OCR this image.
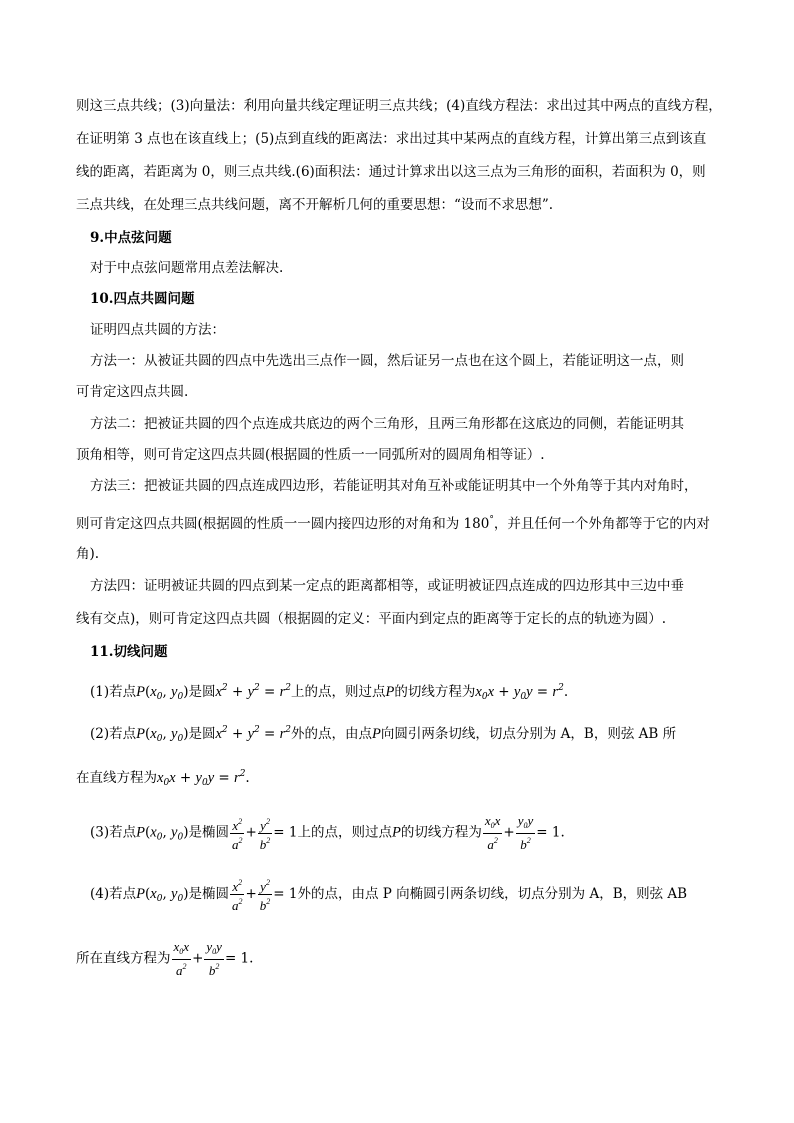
则这三点共线；(3)向量法：利用向量共线定理证明三点共线；(4)直线方程法：求出过其中两点的直线方程，
在证明第 3 点也在该直线上；(5)点到直线的距离法：求出过其中某两点的直线方程，计算出第三点到该直
线的距离，若距离为 0，则三点共线.(6)面积法：通过计算求出以这三点为三角形的面积，若面积为 0，则
三点共线，在处理三点共线问题，离不开解析几何的重要思想：“设而不求思想”.
9.中点弦问题
对于中点弦问题常用点差法解决.
10.四点共圆问题
证明四点共圆的方法：
方法一：从被证共圆的四点中先选出三点作一圆，然后证另一点也在这个圆上，若能证明这一点，则
可肯定这四点共圆.
方法二：把被证共圆的四个点连成共底边的两个三角形，且两三角形都在这底边的同侧，若能证明其
顶角相等，则可肯定这四点共圆(根据圆的性质一一同弧所对的圆周角相等证）.
方法三：把被证共圆的四点连成四边形，若能证明其对角互补或能证明其中一个外角等于其内对角时，
则可肯定这四点共圆(根据圆的性质一一圆内接四边形的对角和为 180°，并且任何一个外角都等于它的内对
角).
方法四：证明被证共圆的四点到某一定点的距离都相等，或证明被证四点连成的四边形其中三边中垂
线有交点)，则可肯定这四点共圆（根据圆的定义：平面内到定点的距离等于定长的点的轨迹为圆）.
11.切线问题
(1)若点$P(x_0$, $y_0$)是圆$x^2 + y^2 = r^2$上的点，则过点P的切线方程为$x_0x + y_0y = r^2$.
(2)若点$P(x_0$, $y_0$)是圆$x^2 + y^2 = r^2$外的点，由点P向圆引两条切线，切点分别为 A，B，则弦 AB 所
在直线方程为$x_0x + y_0y = r^2$.
(3)若点$P(x_0$, $y_0$)是椭圆 $\frac{x^2}{a^2} + \frac{y^2}{b^2} = 1$上的点，则过点P的切线方程为 $\frac{x_0x}{a^2} + \frac{y_0y}{b^2} = 1$.
(4)若点$P(x_0$, $y_0$)是椭圆 $\frac{x^2}{a^2} + \frac{y^2}{b^2} = 1$外的点，由点 P 向椭圆引两条切线，切点分别为 A，B，则弦 AB
所在直线方程为 $\frac{x_0x}{a^2} + \frac{y_0y}{b^2} = 1$.
